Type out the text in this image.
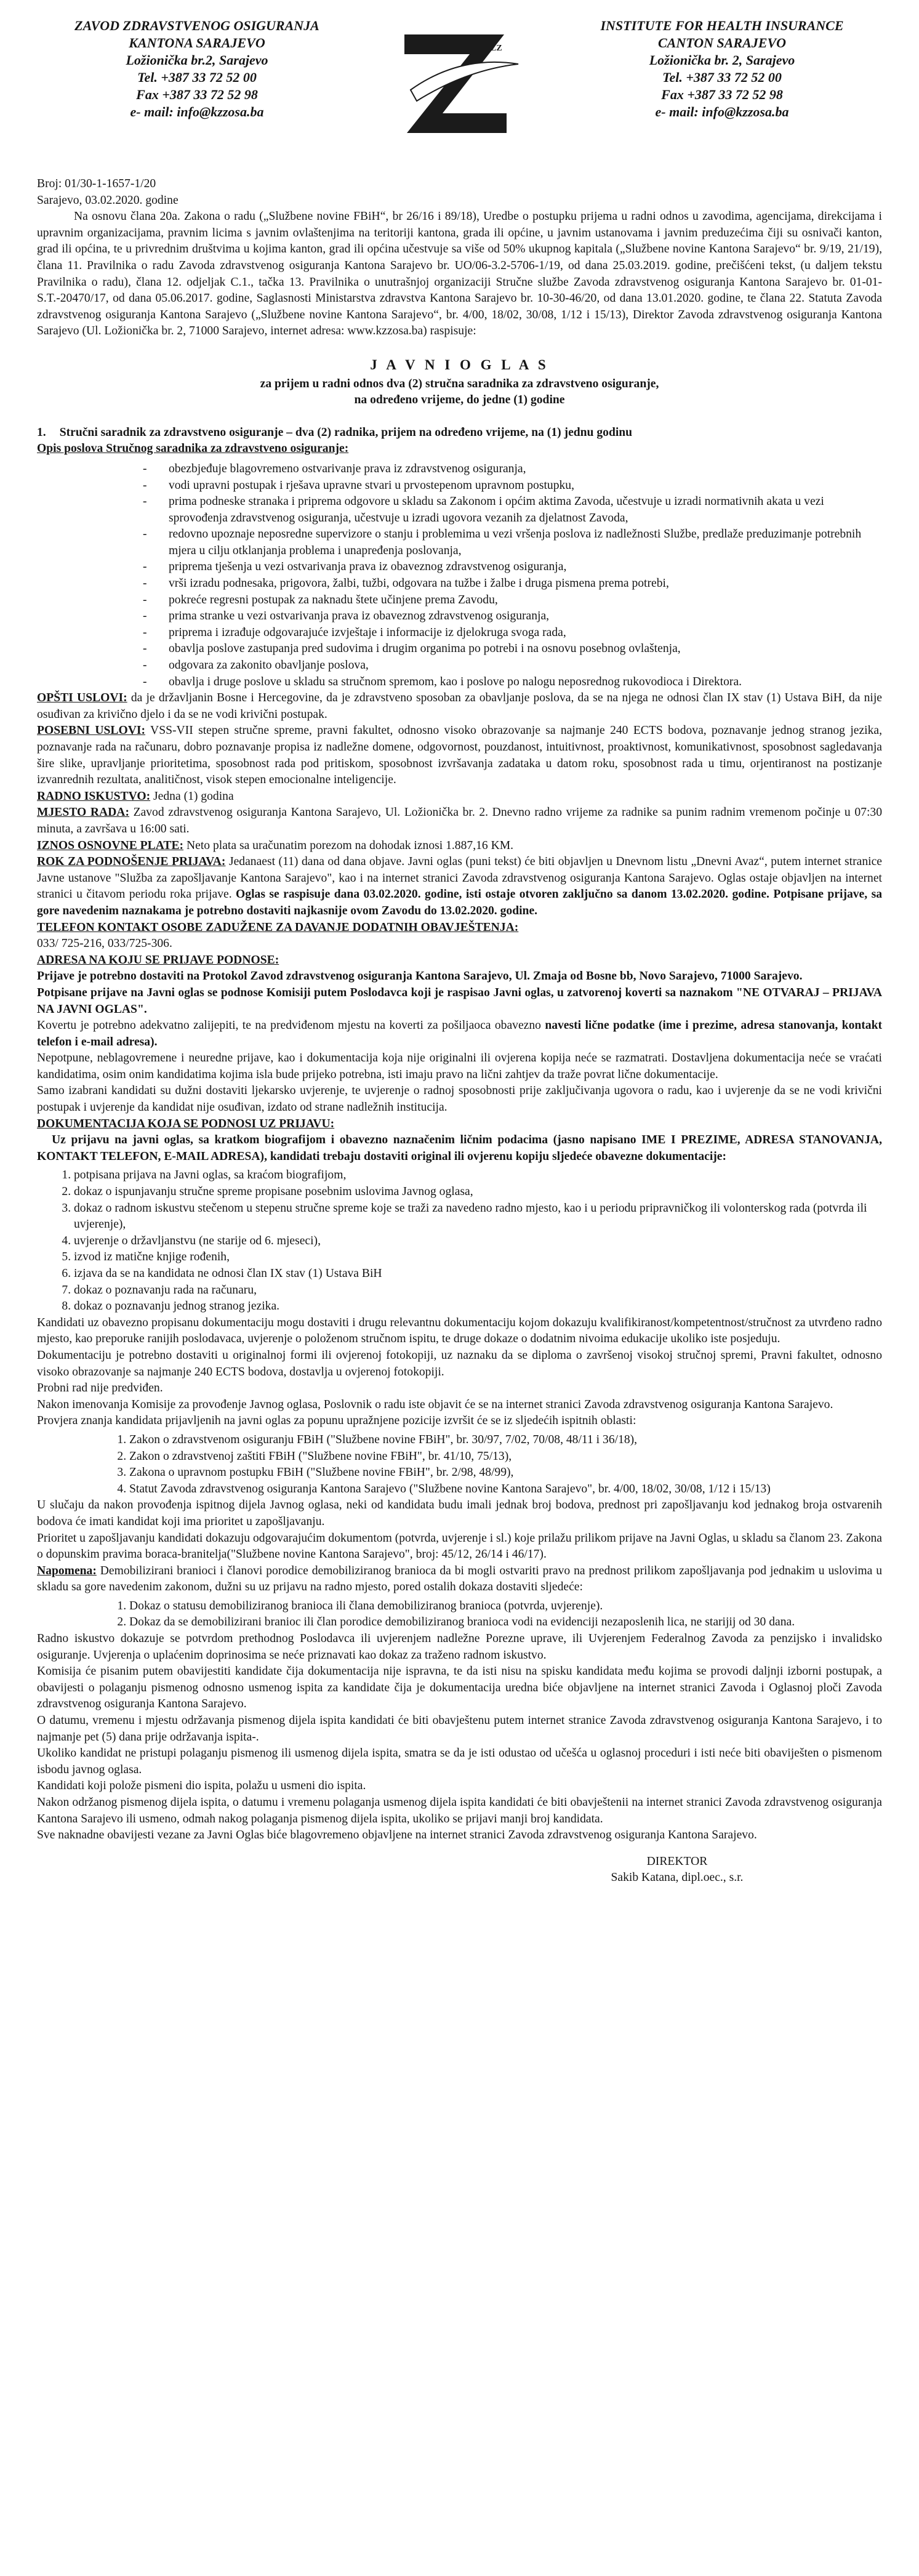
ZAVOD ZDRAVSTVENOG OSIGURANJA
KANTONA SARAJEVO
Ložionička br.2, Sarajevo
Tel. +387 33 72 52 00
Fax +387 33 72 52 98
e- mail: info@kzzosa.ba
ZZ
INSTITUTE FOR HEALTH INSURANCE
CANTON SARAJEVO
Ložionička br. 2, Sarajevo
Tel. +387 33 72 52 00
Fax +387 33 72 52 98
e- mail: info@kzzosa.ba
Broj: 01/30-1-1657-1/20
Sarajevo, 03.02.2020. godine

Na osnovu člana 20a. Zakona o radu („Službene novine FBiH“, br 26/16 i 89/18), Uredbe o postupku prijema u radni odnos u zavodima, agencijama, direkcijama i upravnim organizacijama, pravnim licima s javnim ovlaštenjima na teritoriji kantona, grada ili općine, u javnim ustanovama i javnim preduzećima čiji su osnivači kanton, grad ili općina, te u privrednim društvima u kojima kanton, grad ili općina učestvuje sa više od 50% ukupnog kapitala („Službene novine Kantona Sarajevo“ br. 9/19, 21/19), člana 11. Pravilnika o radu Zavoda zdravstvenog osiguranja Kantona Sarajevo br. UO/06-3.2-5706-1/19, od dana 25.03.2019. godine, prečišćeni tekst, (u daljem tekstu Pravilnika o radu), člana 12. odjeljak C.1., tačka 13. Pravilnika o unutrašnjoj organizaciji Stručne službe Zavoda zdravstvenog osiguranja Kantona Sarajevo br. 01-01-S.T.-20470/17, od dana 05.06.2017. godine, Saglasnosti Ministarstva zdravstva Kantona Sarajevo br. 10-30-46/20, od dana 13.01.2020. godine, te člana 22. Statuta Zavoda zdravstvenog osiguranja Kantona Sarajevo („Službene novine Kantona Sarajevo“, br. 4/00, 18/02, 30/08, 1/12 i 15/13), Direktor Zavoda zdravstvenog osiguranja Kantona Sarajevo (Ul. Ložionička br. 2, 71000 Sarajevo, internet adresa: www.kzzosa.ba) raspisuje:

J A V N I O G L A S
za prijem u radni odnos dva (2) stručna saradnika za zdravstveno osiguranje,
na određeno vrijeme, do jedne (1) godine
1. Stručni saradnik za zdravstveno osiguranje – dva (2) radnika, prijem na određeno vrijeme, na (1) jednu godinu

Opis poslova Stručnog saradnika za zdravstveno osiguranje:

- obezbjeđuje blagovremeno ostvarivanje prava iz zdravstvenog osiguranja,
- vodi upravni postupak i rješava upravne stvari u prvostepenom upravnom postupku,
- prima podneske stranaka i priprema odgovore u skladu sa Zakonom i općim aktima Zavoda, učestvuje u izradi normativnih akata u vezi sprovođenja zdravstvenog osiguranja, učestvuje u izradi ugovora vezanih za djelatnost Zavoda,
- redovno upoznaje neposredne supervizore o stanju i problemima u vezi vršenja poslova iz nadležnosti Službe, predlaže preduzimanje potrebnih mjera u cilju otklanjanja problema i unapređenja poslovanja,
- priprema tješenja u vezi ostvarivanja prava iz obaveznog zdravstvenog osiguranja,
- vrši izradu podnesaka, prigovora, žalbi, tužbi, odgovara na tužbe i žalbe i druga pismena prema potrebi,
- pokreće regresni postupak za naknadu štete učinjene prema Zavodu,
- prima stranke u vezi ostvarivanja prava iz obaveznog zdravstvenog osiguranja,
- priprema i izrađuje odgovarajuće izvještaje i informacije iz djelokruga svoga rada,
- obavlja poslove zastupanja pred sudovima i drugim organima po potrebi i na osnovu posebnog ovlaštenja,
- odgovara za zakonito obavljanje poslova,
- obavlja i druge poslove u skladu sa stručnom spremom, kao i poslove po nalogu neposrednog rukovodioca i Direktora.

OPŠTI USLOVI: da je državljanin Bosne i Hercegovine, da je zdravstveno sposoban za obavljanje poslova, da se na njega ne odnosi član IX stav (1) Ustava BiH, da nije osuđivan za krivično djelo i da se ne vodi krivični postupak.

POSEBNI USLOVI: VSS-VII stepen stručne spreme, pravni fakultet, odnosno visoko obrazovanje sa najmanje 240 ECTS bodova, poznavanje jednog stranog jezika, poznavanje rada na računaru, dobro poznavanje propisa iz nadležne domene, odgovornost, pouzdanost, intuitivnost, proaktivnost, komunikativnost, sposobnost sagledavanja šire slike, upravljanje prioritetima, sposobnost rada pod pritiskom, sposobnost izvršavanja zadataka u datom roku, sposobnost rada u timu, orjentiranost na postizanje izvanrednih rezultata, analitičnost, visok stepen emocionalne inteligencije.

RADNO ISKUSTVO: Jedna (1) godina

MJESTO RADA: Zavod zdravstvenog osiguranja Kantona Sarajevo, Ul. Ložionička br. 2. Dnevno radno vrijeme za radnike sa punim radnim vremenom počinje u 07:30 minuta, a završava u 16:00 sati.

IZNOS OSNOVNE PLATE: Neto plata sa uračunatim porezom na dohodak iznosi 1.887,16 KM.

ROK ZA PODNOŠENJE PRIJAVA: Jedanaest (11) dana od dana objave. Javni oglas (puni tekst) će biti objavljen u Dnevnom listu „Dnevni Avaz“, putem internet stranice Javne ustanove "Služba za zapošljavanje Kantona Sarajevo", kao i na internet stranici Zavoda zdravstvenog osiguranja Kantona Sarajevo. Oglas ostaje objavljen na internet stranici u čitavom periodu roka prijave. Oglas se raspisuje dana 03.02.2020. godine, isti ostaje otvoren zaključno sa danom 13.02.2020. godine. Potpisane prijave, sa gore navedenim naznakama je potrebno dostaviti najkasnije ovom Zavodu do 13.02.2020. godine.

TELEFON KONTAKT OSOBE ZADUŽENE ZA DAVANJE DODATNIH OBAVJEŠTENJA:

033/ 725-216, 033/725-306.

ADRESA NA KOJU SE PRIJAVE PODNOSE:

Prijave je potrebno dostaviti na Protokol Zavod zdravstvenog osiguranja Kantona Sarajevo, Ul. Zmaja od Bosne bb, Novo Sarajevo, 71000 Sarajevo.

Potpisane prijave na Javni oglas se podnose Komisiji putem Poslodavca koji je raspisao Javni oglas, u zatvorenoj koverti sa naznakom "NE OTVARAJ – PRIJAVA NA JAVNI OGLAS".

Kovertu je potrebno adekvatno zalijepiti, te na predviđenom mjestu na koverti za pošiljaoca obavezno navesti lične podatke (ime i prezime, adresa stanovanja, kontakt telefon i e-mail adresa).

Nepotpune, neblagovremene i neuredne prijave, kao i dokumentacija koja nije originalni ili ovjerena kopija neće se razmatrati. Dostavljena dokumentacija neće se vraćati kandidatima, osim onim kandidatima kojima isla bude prijeko potrebna, isti imaju pravo na lični zahtjev da traže povrat lične dokumentacije.

Samo izabrani kandidati su dužni dostaviti ljekarsko uvjerenje, te uvjerenje o radnoj sposobnosti prije zaključivanja ugovora o radu, kao i uvjerenje da se ne vodi krivični postupak i uvjerenje da kandidat nije osuđivan, izdato od strane nadležnih institucija.

DOKUMENTACIJA KOJA SE PODNOSI UZ PRIJAVU:

Uz prijavu na javni oglas, sa kratkom biografijom i obavezno naznačenim ličnim podacima (jasno napisano IME I PREZIME, ADRESA STANOVANJA, KONTAKT TELEFON, E-MAIL ADRESA), kandidati trebaju dostaviti original ili ovjerenu kopiju sljedeće obavezne dokumentacije:

1. potpisana prijava na Javni oglas, sa kraćom biografijom,
2. dokaz o ispunjavanju stručne spreme propisane posebnim uslovima Javnog oglasa,
3. dokaz o radnom iskustvu stečenom u stepenu stručne spreme koje se traži za navedeno radno mjesto, kao i u periodu pripravničkog ili volonterskog rada (potvrda ili uvjerenje),
4. uvjerenje o državljanstvu (ne starije od 6. mjeseci),
5. izvod iz matične knjige rođenih,
6. izjava da se na kandidata ne odnosi član IX stav (1) Ustava BiH
7. dokaz o poznavanju rada na računaru,
8. dokaz o poznavanju jednog stranog jezika.

Kandidati uz obavezno propisanu dokumentaciju mogu dostaviti i drugu relevantnu dokumentaciju kojom dokazuju kvalifikiranost/kompetentnost/stručnost za utvrđeno radno mjesto, kao preporuke ranijih poslodavaca, uvjerenje o položenom stručnom ispitu, te druge dokaze o dodatnim nivoima edukacije ukoliko iste posjeduju.

Dokumentaciju je potrebno dostaviti u originalnoj formi ili ovjerenoj fotokopiji, uz naznaku da se diploma o završenoj visokoj stručnoj spremi, Pravni fakultet, odnosno visoko obrazovanje sa najmanje 240 ECTS bodova, dostavlja u ovjerenoj fotokopiji.

Probni rad nije predviđen.

Nakon imenovanja Komisije za provođenje Javnog oglasa, Poslovnik o radu iste objavit će se na internet stranici Zavoda zdravstvenog osiguranja Kantona Sarajevo.

Provjera znanja kandidata prijavljenih na javni oglas za popunu upražnjene pozicije izvršit će se iz sljedećih ispitnih oblasti:

1. Zakon o zdravstvenom osiguranju FBiH ("Službene novine FBiH", br. 30/97, 7/02, 70/08, 48/11 i 36/18),
2. Zakon o zdravstvenoj zaštiti FBiH ("Službene novine FBiH", br. 41/10, 75/13),
3. Zakona o upravnom postupku FBiH ("Službene novine FBiH", br. 2/98, 48/99),
4. Statut Zavoda zdravstvenog osiguranja Kantona Sarajevo ("Službene novine Kantona Sarajevo", br. 4/00, 18/02, 30/08, 1/12 i 15/13)

U slučaju da nakon provođenja ispitnog dijela Javnog oglasa, neki od kandidata budu imali jednak broj bodova, prednost pri zapošljavanju kod jednakog broja ostvarenih bodova će imati kandidat koji ima prioritet u zapošljavanju.

Prioritet u zapošljavanju kandidati dokazuju odgovarajućim dokumentom (potvrda, uvjerenje i sl.) koje prilažu prilikom prijave na Javni Oglas, u skladu sa članom 23. Zakona o dopunskim pravima boraca-branitelja("Službene novine Kantona Sarajevo", broj: 45/12, 26/14 i 46/17).

Napomena: Demobilizirani branioci i članovi porodice demobiliziranog branioca da bi mogli ostvariti pravo na prednost prilikom zapošljavanja pod jednakim u uslovima u skladu sa gore navedenim zakonom, dužni su uz prijavu na radno mjesto, pored ostalih dokaza dostaviti sljedeće:

1. Dokaz o statusu demobiliziranog branioca ili člana demobiliziranog branioca (potvrda, uvjerenje).
2. Dokaz da se demobilizirani branioc ili član porodice demobiliziranog branioca vodi na evidenciji nezaposlenih lica, ne starijij od 30 dana.

Radno iskustvo dokazuje se potvrdom prethodnog Poslodavca ili uvjerenjem nadležne Porezne uprave, ili Uvjerenjem Federalnog Zavoda za penzijsko i invalidsko osiguranje. Uvjerenja o uplaćenim doprinosima se neće priznavati kao dokaz za traženo radnom iskustvo.

Komisija će pisanim putem obavijestiti kandidate čija dokumentacija nije ispravna, te da isti nisu na spisku kandidata među kojima se provodi daljnji izborni postupak, a obavijesti o polaganju pismenog odnosno usmenog ispita za kandidate čija je dokumentacija uredna biće objavljene na internet stranici Zavoda i Oglasnoj ploči Zavoda zdravstvenog osiguranja Kantona Sarajevo.

O datumu, vremenu i mjestu održavanja pismenog dijela ispita kandidati će biti obavještenu putem internet stranice Zavoda zdravstvenog osiguranja Kantona Sarajevo, i to najmanje pet (5) dana prije održavanja ispita-.

Ukoliko kandidat ne pristupi polaganju pismenog ili usmenog dijela ispita, smatra se da je isti odustao od učešća u oglasnoj proceduri i isti neće biti obaviješten o pismenom isbodu javnog oglasa.

Kandidati koji polože pismeni dio ispita, polažu u usmeni dio ispita.

Nakon održanog pismenog dijela ispita, o datumu i vremenu polaganja usmenog dijela ispita kandidati će biti obavještenii na internet stranici Zavoda zdravstvenog osiguranja Kantona Sarajevo ili usmeno, odmah nakog polaganja pismenog dijela ispita, ukoliko se prijavi manji broj kandidata.

Sve naknadne obavijesti vezane za Javni Oglas biće blagovremeno objavljene na internet stranici Zavoda zdravstvenog osiguranja Kantona Sarajevo.

DIREKTOR

Sakib Katana, dipl.oec., s.r.
